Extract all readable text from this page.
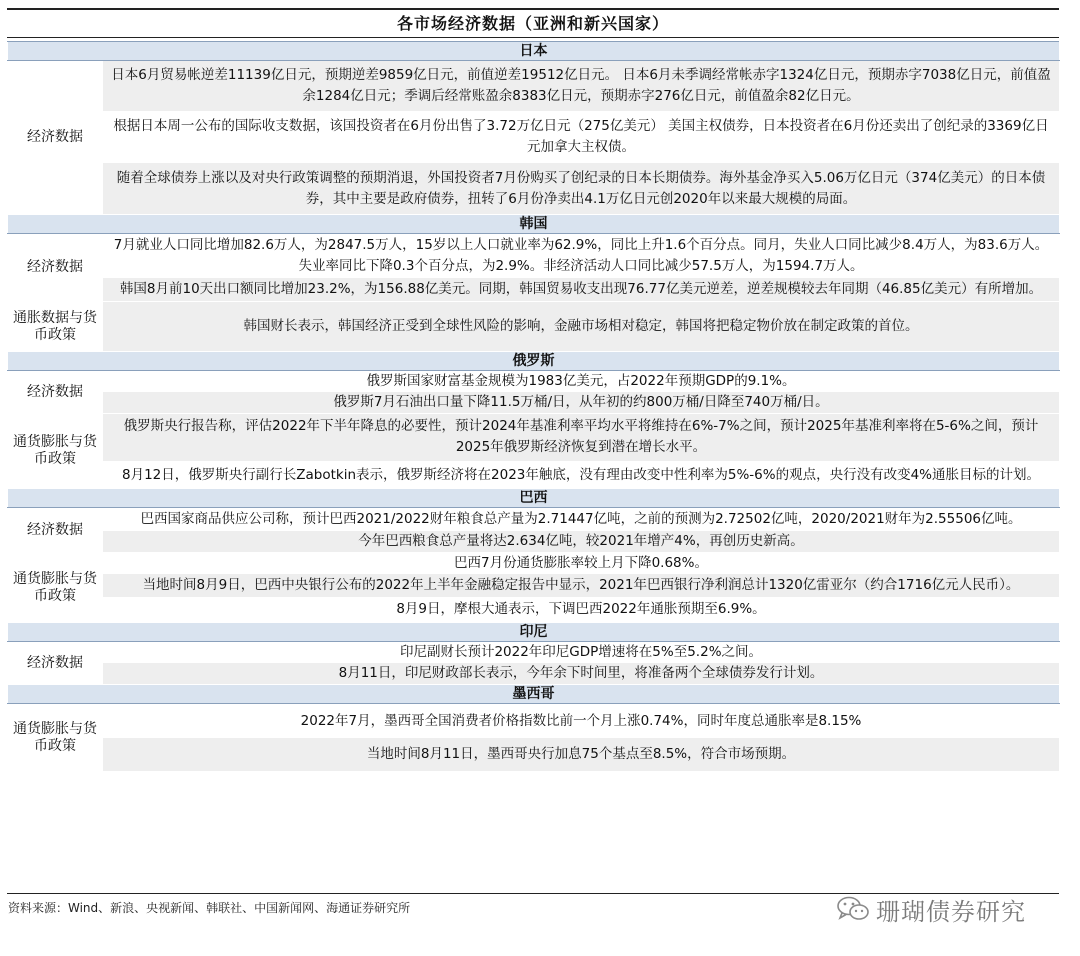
各市场经济数据（亚洲和新兴国家）
日本	
经济数据	日本6月贸易帐逆差11139亿日元，预期逆差9859亿日元，前值逆差19512亿日元。 日本6月未季调经常帐赤字1324亿日元，预期赤字7038亿日元，前值盈余1284亿日元；季调后经常账盈余8383亿日元，预期赤字276亿日元，前值盈余82亿日元。
根据日本周一公布的国际收支数据，该国投资者在6月份出售了3.72万亿日元（275亿美元） 美国主权债券，日本投资者在6月份还卖出了创纪录的3369亿日元加拿大主权债。
随着全球债券上涨以及对央行政策调整的预期消退，外国投资者7月份购买了创纪录的日本长期债券。海外基金净买入5.06万亿日元（374亿美元）的日本债券，其中主要是政府债券，扭转了6月份净卖出4.1万亿日元创2020年以来最大规模的局面。

韩国	
经济数据	7月就业人口同比增加82.6万人，为2847.5万人，15岁以上人口就业率为62.9%，同比上升1.6个百分点。同月，失业人口同比减少8.4万人，为83.6万人。失业率同比下降0.3个百分点，为2.9%。非经济活动人口同比减少57.5万人，为1594.7万人。
韩国8月前10天出口额同比增加23.2%，为156.88亿美元。同期，韩国贸易收支出现76.77亿美元逆差，逆差规模较去年同期（46.85亿美元）有所增加。

通胀数据与货币政策	韩国财长表示，韩国经济正受到全球性风险的影响，金融市场相对稳定，韩国将把稳定物价放在制定政策的首位。

俄罗斯	
经济数据	俄罗斯国家财富基金规模为1983亿美元，占2022年预期GDP的9.1%。
俄罗斯7月石油出口量下降11.5万桶/日，从年初的约800万桶/日降至740万桶/日。

通货膨胀与货币政策	俄罗斯央行报告称，评估2022年下半年降息的必要性，预计2024年基准利率平均水平将维持在6%-7%之间，预计2025年基准利率将在5-6%之间，预计2025年俄罗斯经济恢复到潜在增长水平。
8月12日，俄罗斯央行副行长Zabotkin表示，俄罗斯经济将在2023年触底，没有理由改变中性利率为5%-6%的观点，央行没有改变4%通胀目标的计划。

巴西	
经济数据	巴西国家商品供应公司称，预计巴西2021/2022财年粮食总产量为2.71447亿吨，之前的预测为2.72502亿吨，2020/2021财年为2.55506亿吨。
今年巴西粮食总产量将达2.634亿吨，较2021年增产4%，再创历史新高。

通货膨胀与货币政策	巴西7月份通货膨胀率较上月下降0.68%。
当地时间8月9日，巴西中央银行公布的2022年上半年金融稳定报告中显示，2021年巴西银行净利润总计1320亿雷亚尔（约合1716亿元人民币）。
8月9日，摩根大通表示，下调巴西2022年通胀预期至6.9%。

印尼	
经济数据	印尼副财长预计2022年印尼GDP增速将在5%至5.2%之间。
8月11日，印尼财政部长表示，今年余下时间里，将准备两个全球债券发行计划。

墨西哥	
通货膨胀与货币政策	2022年7月，墨西哥全国消费者价格指数比前一个月上涨0.74%，同时年度总通胀率是8.15%
当地时间8月11日，墨西哥央行加息75个基点至8.5%，符合市场预期。
资料来源：Wind、新浪、央视新闻、韩联社、中国新闻网、海通证券研究所	珊瑚债券研究
